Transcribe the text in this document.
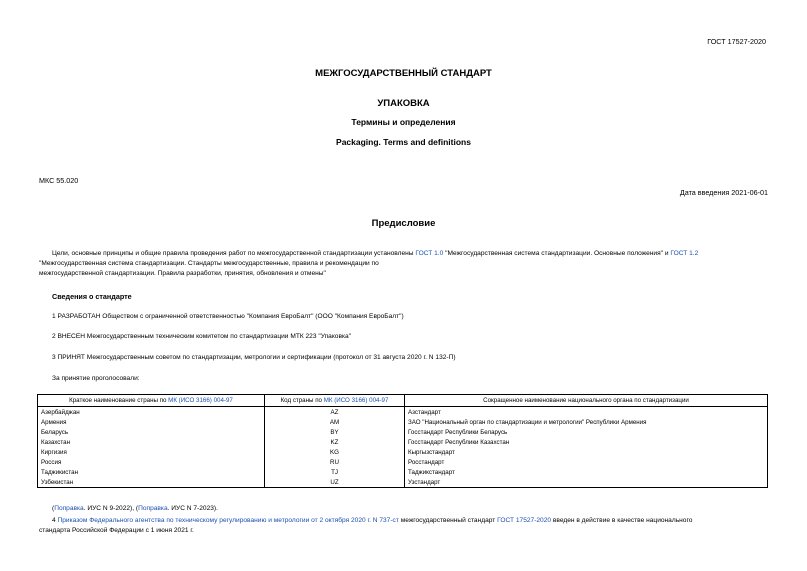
ГОСТ 17527-2020
МЕЖГОСУДАРСТВЕННЫЙ СТАНДАРТ
УПАКОВКА
Термины и определения
Packaging. Terms and definitions
МКС 55.020
Дата введения 2021-06-01
Предисловие
Цели, основные принципы и общие правила проведения работ по межгосударственной стандартизации установлены ГОСТ 1.0 "Межгосударственная система стандартизации. Основные положения" и ГОСТ 1.2
"Межгосударственная система стандартизации. Стандарты межгосударственные, правила и рекомендации по
межгосударственной стандартизации. Правила разработки, принятия, обновления и отмены"
Сведения о стандарте
1 РАЗРАБОТАН Обществом с ограниченной ответственностью "Компания ЕвроБалт" (ООО "Компания ЕвроБалт")
2 ВНЕСЕН Межгосударственным техническим комитетом по стандартизации МТК 223 "Упаковка"
3 ПРИНЯТ Межгосударственным советом по стандартизации, метрологии и сертификации (протокол от 31 августа 2020 г. N 132-П)
За принятие проголосовали:
Краткое наименование страны по МК (ИСО 3166) 004-97	Код страны по МК (ИСО 3166) 004-97	Сокращенное наименование национального органа по стандартизации
Азербайджан	AZ	Азстандарт
Армения	AM	ЗАО "Национальный орган по стандартизации и метрологии" Республики Армения
Беларусь	BY	Госстандарт Республики Беларусь
Казахстан	KZ	Госстандарт Республики Казахстан
Киргизия	KG	Кыргызстандарт
Россия	RU	Росстандарт
Таджикистан	TJ	Таджикстандарт
Узбекистан	UZ	Узстандарт
(Поправка. ИУС N 9-2022), (Поправка. ИУС N 7-2023).
4 Приказом Федерального агентства по техническому регулированию и метрологии от 2 октября 2020 г. N 737-ст межгосударственный стандарт ГОСТ 17527-2020 введен в действие в качестве национального
стандарта Российской Федерации с 1 июня 2021 г.
